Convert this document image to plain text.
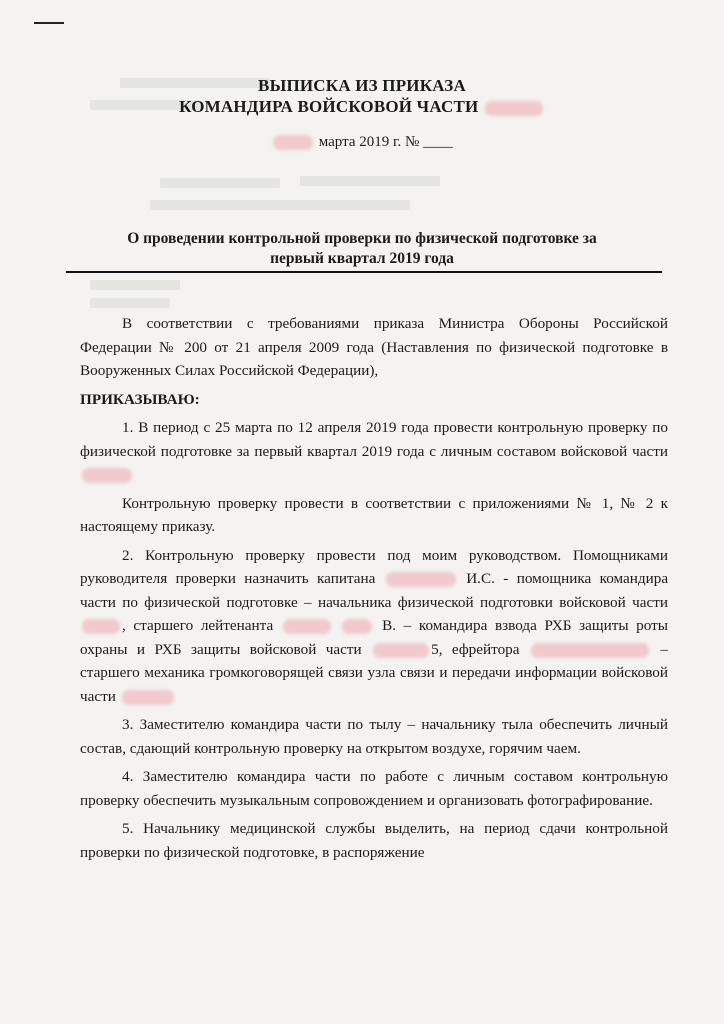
ВЫПИСКА ИЗ ПРИКАЗА
КОМАНДИРА ВОЙСКОВОЙ ЧАСТИ
марта 2019 г. № ____
О проведении контрольной проверки по физической подготовке за
первый квартал 2019 года

В соответствии с требованиями приказа Министра Обороны Российской Федерации № 200 от 21 апреля 2009 года (Наставления по физической подготовке в Вооруженных Силах Российской Федерации),

ПРИКАЗЫВАЮ:

1. В период с 25 марта по 12 апреля 2019 года провести контрольную проверку по физической подготовке за первый квартал 2019 года с личным составом войсковой части

Контрольную проверку провести в соответствии с приложениями № 1, № 2 к настоящему приказу.

2. Контрольную проверку провести под моим руководством. Помощниками руководителя проверки назначить капитана	И.С. - помощника командира части по физической подготовке – начальника физической подготовки войсковой части , старшего лейтенанта	В. – командира взвода РХБ защиты роты охраны и РХБ защиты войсковой части	5, ефрейтора	– старшего механика громкоговорящей связи узла связи и передачи информации войсковой части

3. Заместителю командира части по тылу – начальнику тыла обеспечить личный состав, сдающий контрольную проверку на открытом воздухе, горячим чаем.

4. Заместителю командира части по работе с личным составом контрольную проверку обеспечить музыкальным сопровождением и организовать фотографирование.

5. Начальнику медицинской службы выделить, на период сдачи контрольной проверки по физической подготовке, в распоряжение
